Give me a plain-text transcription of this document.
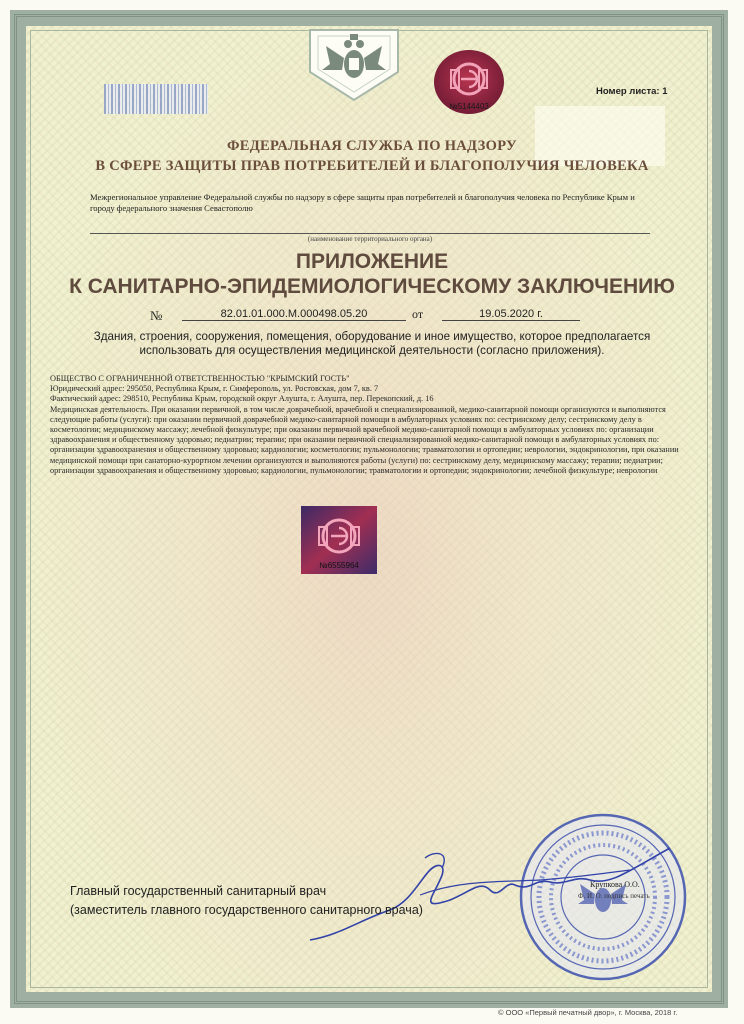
№5144403
Номер листа: 1
ФЕДЕРАЛЬНАЯ СЛУЖБА ПО НАДЗОРУ
В СФЕРЕ ЗАЩИТЫ ПРАВ ПОТРЕБИТЕЛЕЙ И БЛАГОПОЛУЧИЯ ЧЕЛОВЕКА
Межрегиональное управление Федеральной службы по надзору в сфере защиты прав потребителей и благополучия человека по Республике Крым и городу федерального значения Севастополю
(наименование территориального органа)
ПРИЛОЖЕНИЕ
К САНИТАРНО-ЭПИДЕМИОЛОГИЧЕСКОМУ ЗАКЛЮЧЕНИЮ
№	82.01.01.000.М.000498.05.20	от	19.05.2020 г.
Здания, строения, сооружения, помещения, оборудование и иное имущество, которое предполагается
использовать для осуществления медицинской деятельности (согласно приложения).
ОБЩЕСТВО С ОГРАНИЧЕННОЙ ОТВЕТСТВЕННОСТЬЮ "КРЫМСКИЙ ГОСТЬ"
Юридический адрес: 295050, Республика Крым, г. Симферополь, ул. Ростовская, дом 7, кв. 7
Фактический адрес: 298510, Республика Крым, городской округ Алушта, г. Алушта, пер. Перекопский, д. 16
Медицинская деятельность. При оказании первичной, в том числе доврачебной, врачебной и специализированной, медико-санитарной помощи организуются и выполняются следующие работы (услуги): при оказании первичной доврачебной медико-санитарной помощи в амбулаторных условиях по: сестринскому делу; сестринскому делу в косметологии; медицинскому массажу; лечебной физкультуре; при оказании первичной врачебной медико-санитарной помощи в амбулаторных условиях по: организации здравоохранения и общественному здоровью; педиатрии; терапии; при оказании первичной специализированной медико-санитарной помощи в амбулаторных условиях по: организации здравоохранения и общественному здоровью; кардиологии; косметологии; пульмонологии; травматологии и ортопедии; неврологии, эндокринологии, при оказании медицинской помощи при санаторно-курортном лечении организуются и выполняются работы (услуги) по: сестринскому делу, медицинскому массажу; терапии; педиатрии; организации здравоохранения и общественному здоровью; кардиологии, пульмонологии; травматологии и ортопедии; эндокринологии; лечебной физкультуре; неврологии
№6555964
Главный государственный санитарный врач
(заместитель главного государственного санитарного врача)
Крупкова О.О.
Ф. И. О. подпись печать
© ООО «Первый печатный двор», г. Москва, 2018 г.
